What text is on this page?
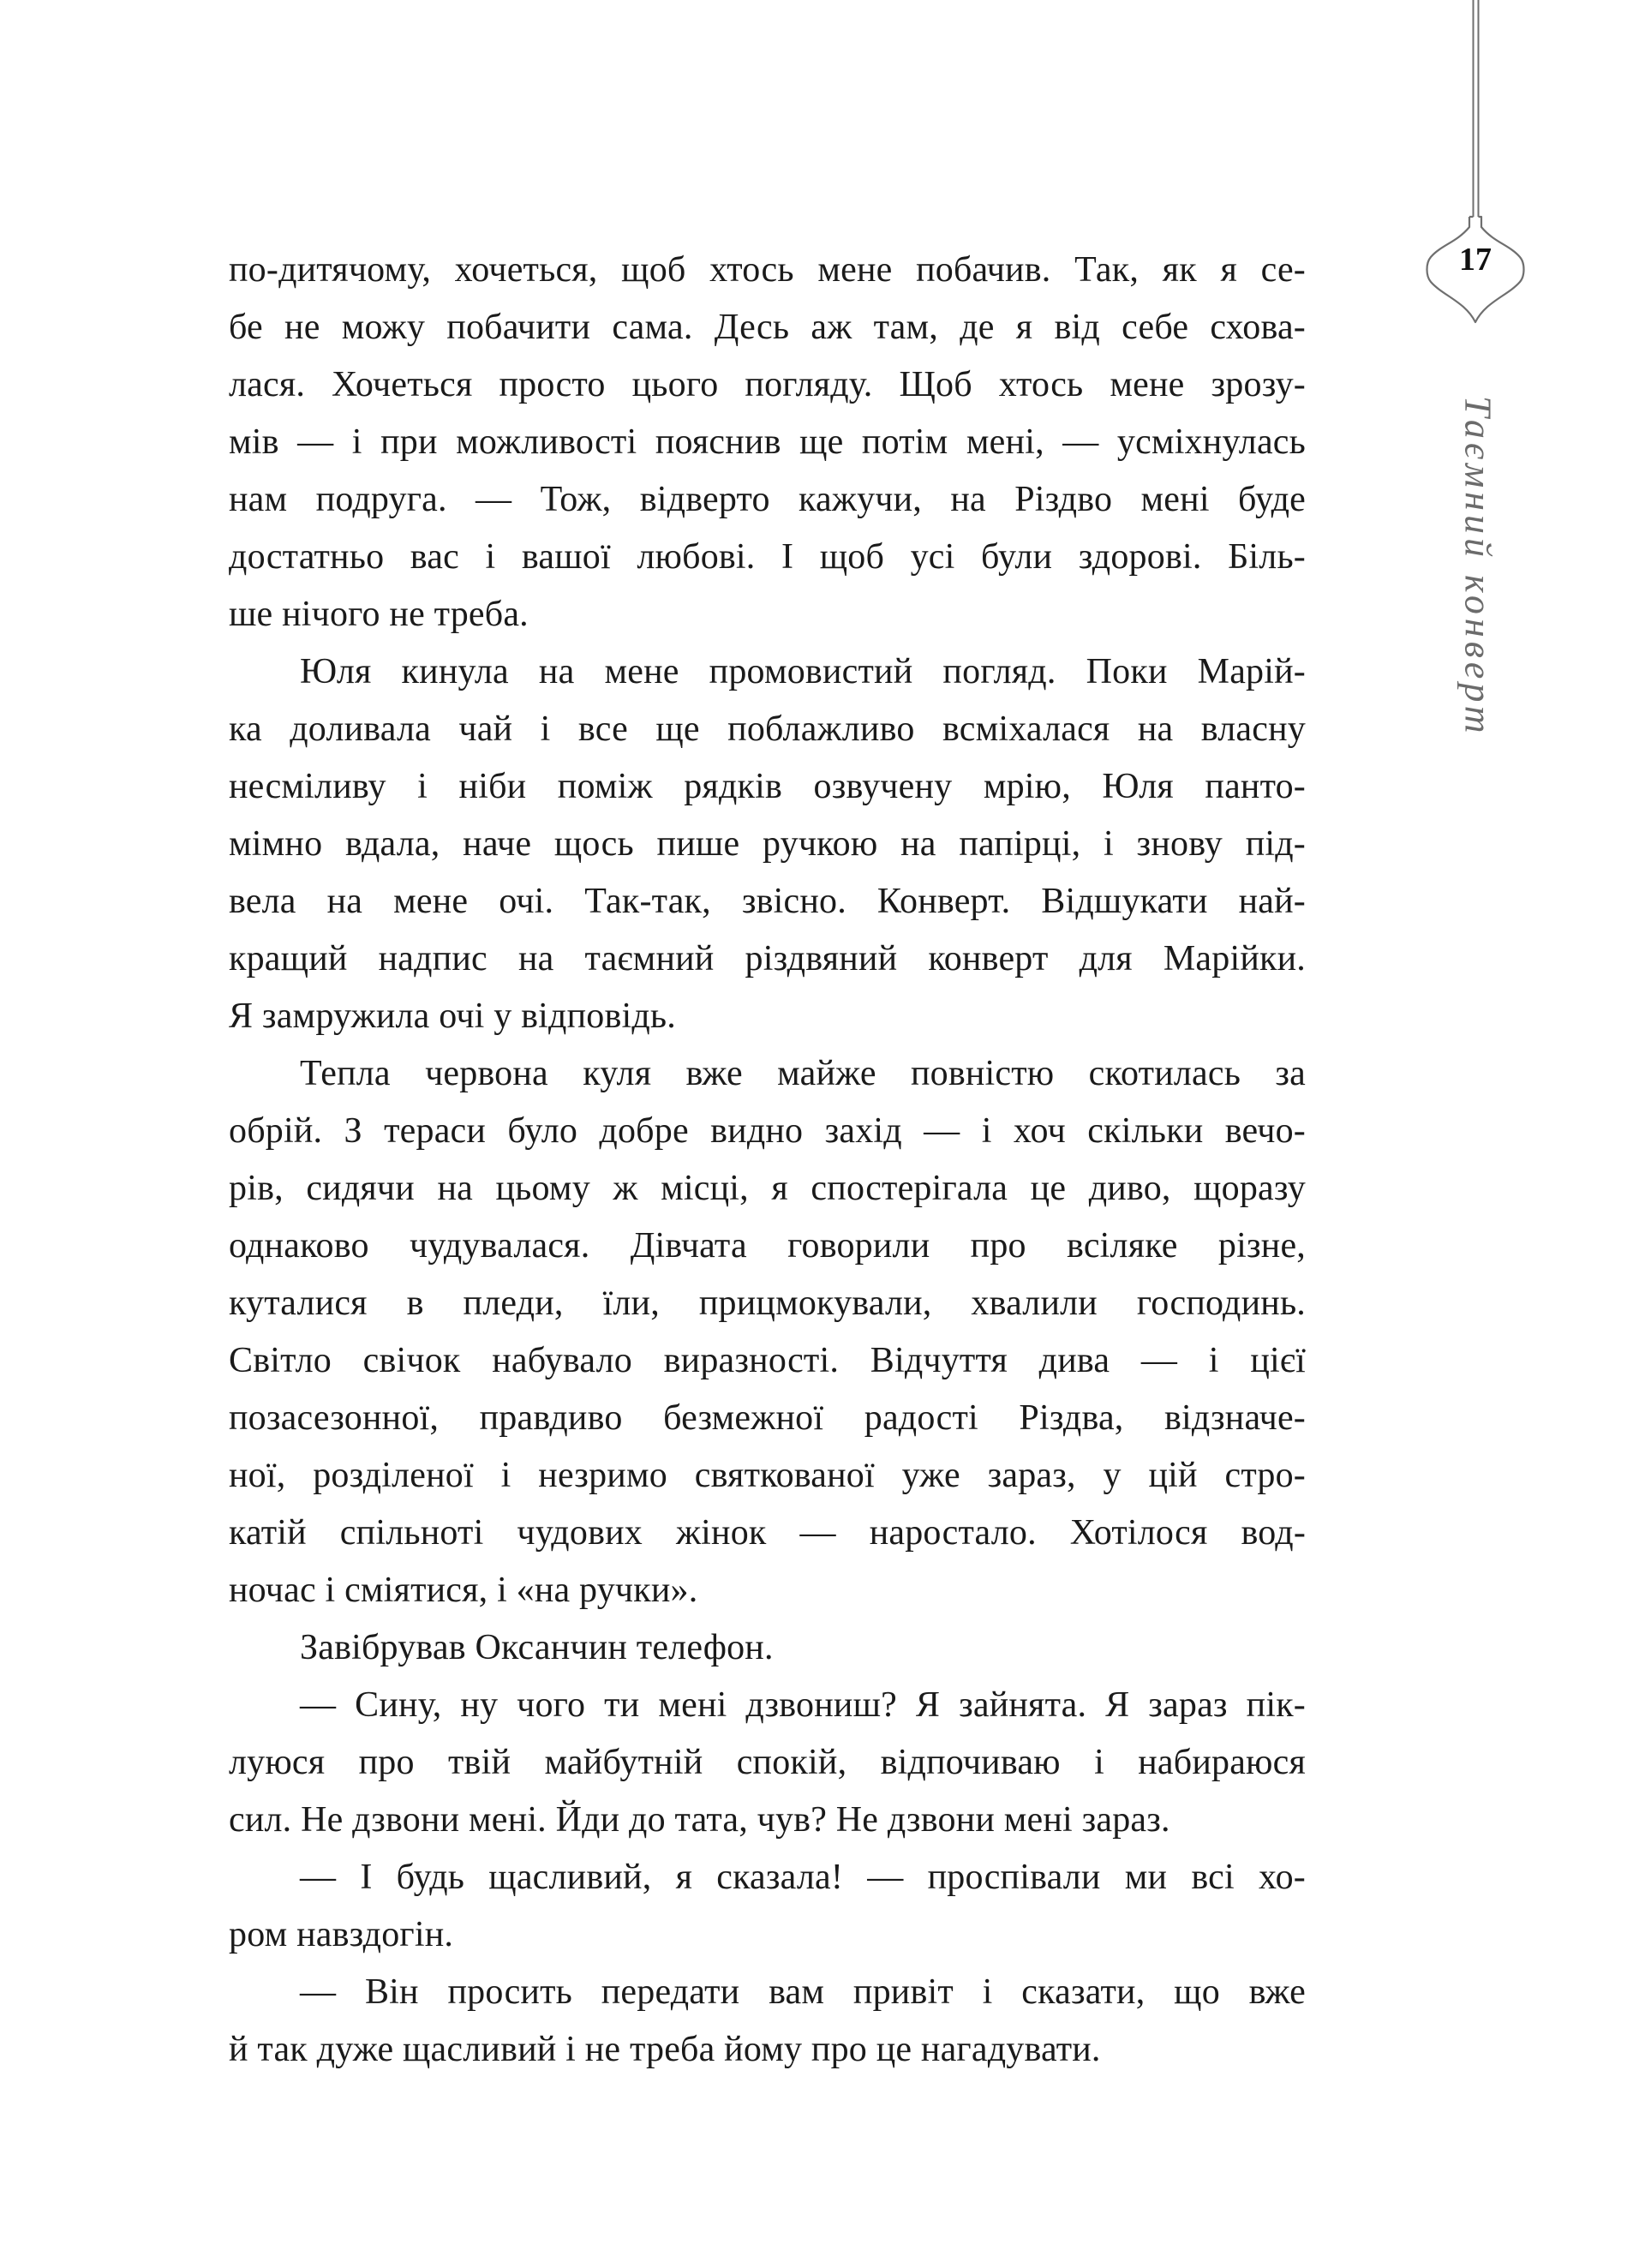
17
Таємний конверт
по-дитячому, хочеться, щоб хтось мене побачив. Так, як я се-
бе не можу побачити сама. Десь аж там, де я від себе схова-
лася. Хочеться просто цього погляду. Щоб хтось мене зрозу-
мів — і при можливості пояснив ще потім мені, — усміхнулась
нам подруга. — Тож, відверто кажучи, на Різдво мені буде
достатньо вас і вашої любові. І щоб усі були здорові. Біль-
ше нічого не треба.
Юля кинула на мене промовистий погляд. Поки Марій-
ка доливала чай і все ще поблажливо всміхалася на власну
несміливу і ніби поміж рядків озвучену мрію, Юля панто-
мімно вдала, наче щось пише ручкою на папірці, і знову під-
вела на мене очі. Так-так, звісно. Конверт. Відшукати най-
кращий надпис на таємний різдвяний конверт для Марійки.
Я замружила очі у відповідь.
Тепла червона куля вже майже повністю скотилась за
обрій. З тераси було добре видно захід — і хоч скільки вечо-
рів, сидячи на цьому ж місці, я спостерігала це диво, щоразу
однаково чудувалася. Дівчата говорили про всіляке різне,
куталися в пледи, їли, прицмокували, хвалили господинь.
Світло свічок набувало виразності. Відчуття дива — і цієї
позасезонної, правдиво безмежної радості Різдва, відзначе-
ної, розділеної і незримо святкованої уже зараз, у цій стро-
катій спільноті чудових жінок — наростало. Хотілося вод-
ночас і сміятися, і «на ручки».
Завібрував Оксанчин телефон.
— Сину, ну чого ти мені дзвониш? Я зайнята. Я зараз пік-
луюся про твій майбутній спокій, відпочиваю і набираюся
сил. Не дзвони мені. Йди до тата, чув? Не дзвони мені зараз.
— І будь щасливий, я сказала! — проспівали ми всі хо-
ром навздогін.
— Він просить передати вам привіт і сказати, що вже
й так дуже щасливий і не треба йому про це нагадувати.
